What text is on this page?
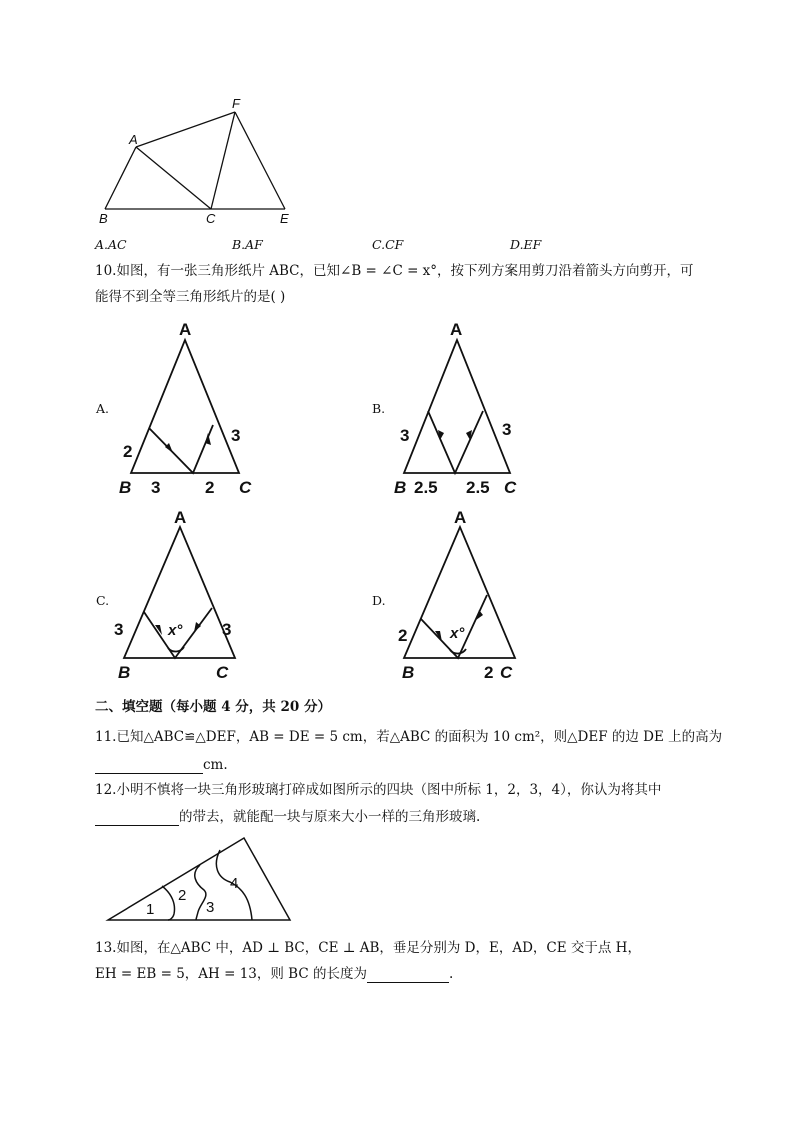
A
F
B	C	E
A.AC	B.AF	C.CF	D.EF
10.如图，有一张三角形纸片 ABC，已知∠B = ∠C = x°，按下列方案用剪刀沿着箭头方向剪开，可
能得不到全等三角形纸片的是( )
A.
A
B	C
2
3
3	2
B.
A
B	C
3	3
2.5 2.5
C.
A
B	C
3	3
x°
D.
A
B	C
2
2
x°
二、填空题（每小题 4 分，共 20 分）
11.已知△ABC≌△DEF，AB = DE = 5 cm，若△ABC 的面积为 10 cm²，则△DEF 的边 DE 上的高为
cm.
12.小明不慎将一块三角形玻璃打碎成如图所示的四块（图中所标 1，2，3，4），你认为将其中
的带去，就能配一块与原来大小一样的三角形玻璃.
1
2
3
4
13.如图，在△ABC 中，AD ⊥ BC，CE ⊥ AB，垂足分别为 D，E，AD，CE 交于点 H，
EH = EB = 5，AH = 13，则 BC 的长度为	.
